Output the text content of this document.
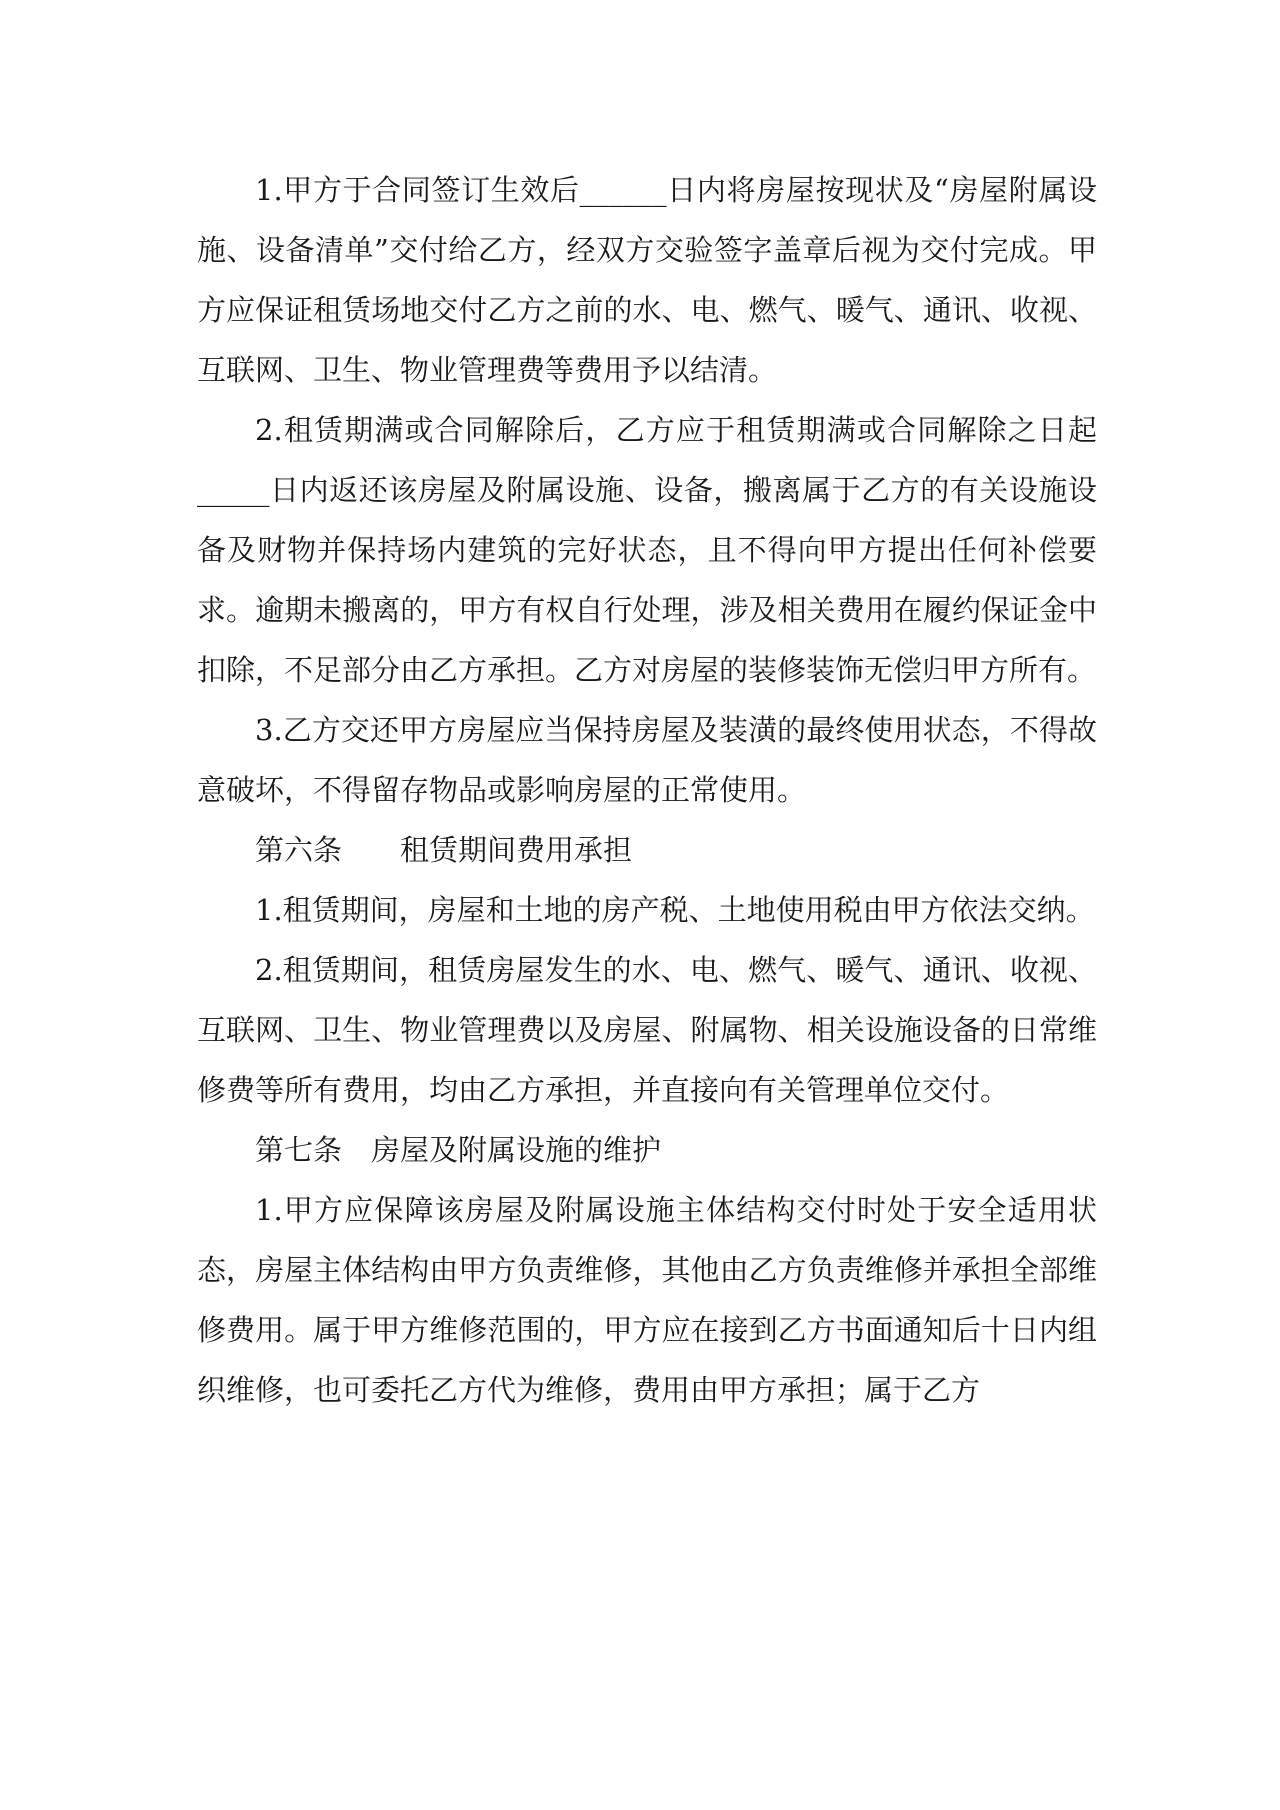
1.甲方于合同签订生效后______日内将房屋按现状及“房屋附属设施、设备清单”交付给乙方，经双方交验签字盖章后视为交付完成。甲方应保证租赁场地交付乙方之前的水、电、燃气、暖气、通讯、收视、互联网、卫生、物业管理费等费用予以结清。

2.租赁期满或合同解除后，乙方应于租赁期满或合同解除之日起_____日内返还该房屋及附属设施、设备，搬离属于乙方的有关设施设备及财物并保持场内建筑的完好状态，且不得向甲方提出任何补偿要求。逾期未搬离的，甲方有权自行处理，涉及相关费用在履约保证金中扣除，不足部分由乙方承担。乙方对房屋的装修装饰无偿归甲方所有。

3.乙方交还甲方房屋应当保持房屋及装潢的最终使用状态，不得故意破坏，不得留存物品或影响房屋的正常使用。

第六条　　租赁期间费用承担

1.租赁期间，房屋和土地的房产税、土地使用税由甲方依法交纳。

2.租赁期间，租赁房屋发生的水、电、燃气、暖气、通讯、收视、互联网、卫生、物业管理费以及房屋、附属物、相关设施设备的日常维修费等所有费用，均由乙方承担，并直接向有关管理单位交付。

第七条　房屋及附属设施的维护

1.甲方应保障该房屋及附属设施主体结构交付时处于安全适用状态，房屋主体结构由甲方负责维修，其他由乙方负责维修并承担全部维修费用。属于甲方维修范围的，甲方应在接到乙方书面通知后十日内组织维修，也可委托乙方代为维修，费用由甲方承担；属于乙方
